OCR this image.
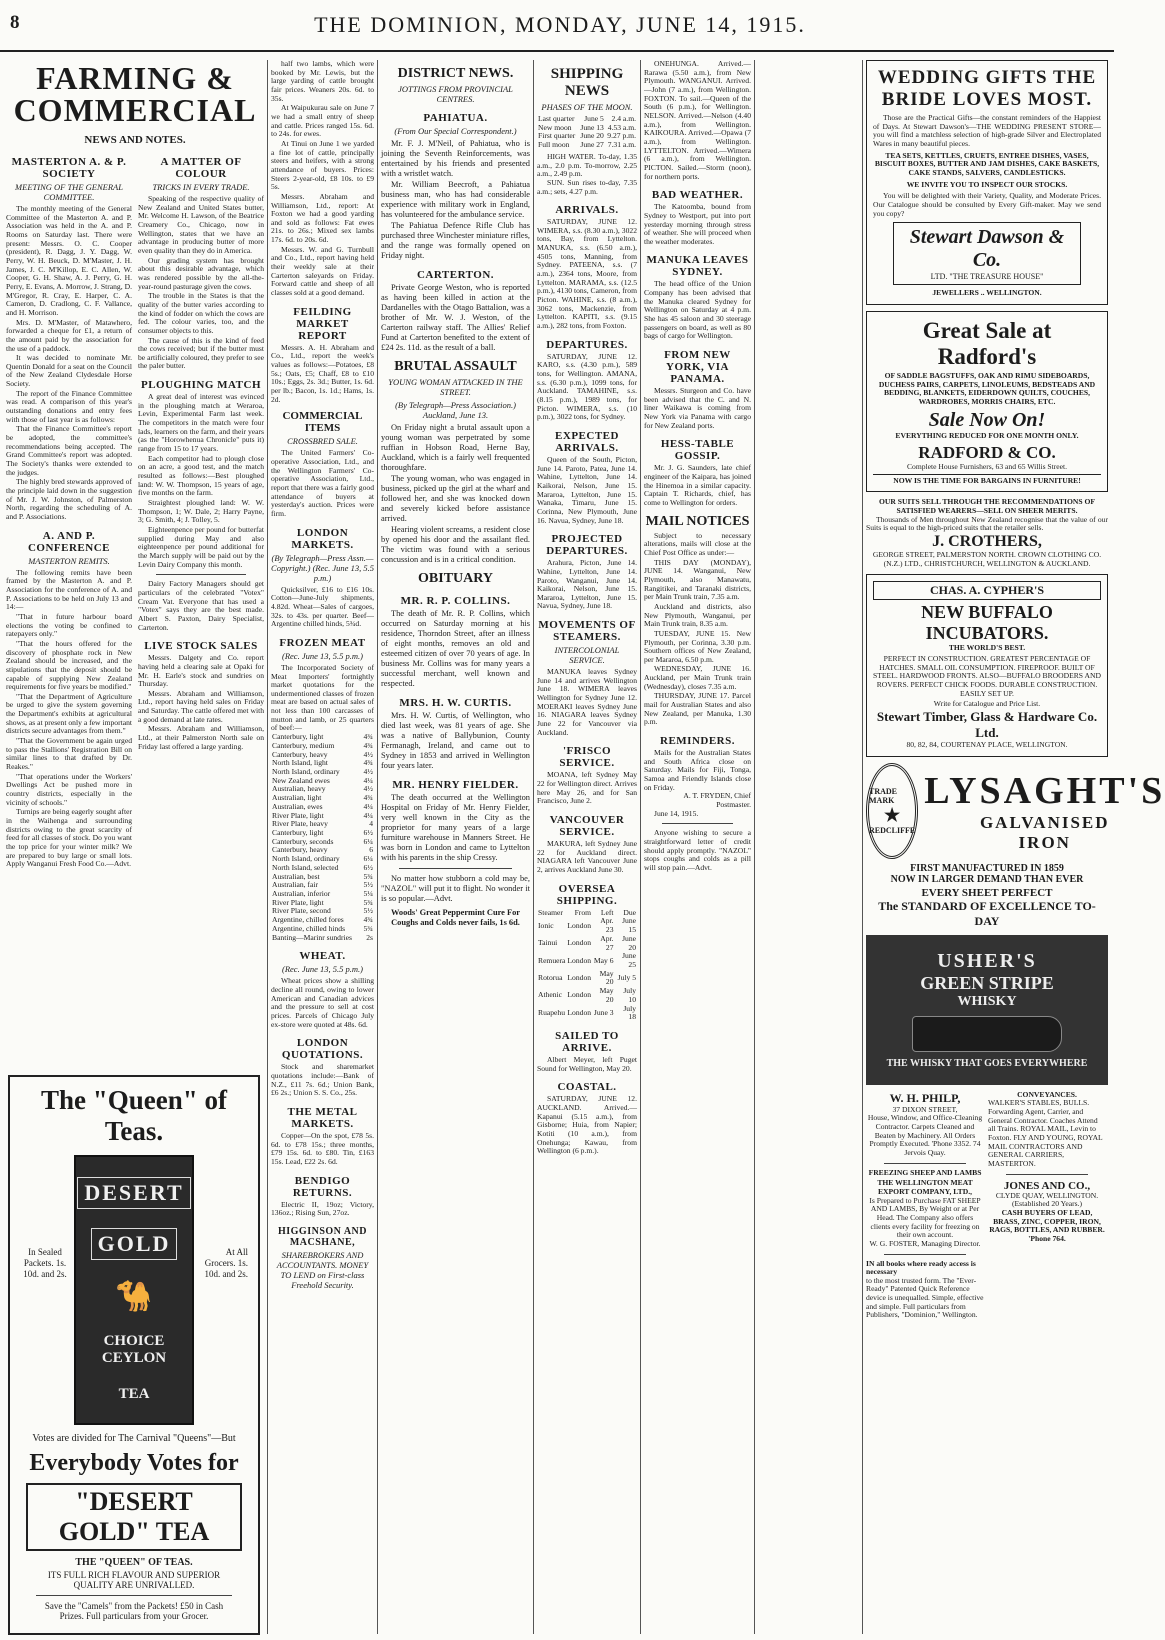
8	THE DOMINION, MONDAY, JUNE 14, 1915.
FARMING & COMMERCIAL
NEWS AND NOTES.
MASTERTON A. & P. SOCIETY
MEETING OF THE GENERAL COMMITTEE.

The monthly meeting of the General Committee of the Masterton A. and P. Association was held in the A. and P. Rooms on Saturday last. There were present: Messrs. O. C. Cooper (president), R. Dagg, J. Y. Dagg, W. Perry, W. H. Beuck, D. M'Master, J. H. James, J. C. M'Killop, E. C. Allen, W. Cooper, G. H. Shaw, A. J. Perry, G. H. Perry, E. Evans, A. Morrow, J. Strang, D. M'Gregor, R. Cray, E. Harper, C. A. Cameron, D. Cradlong, C. F. Vallance, and H. Morrison.

Mrs. D. M'Master, of Matawhero, forwarded a cheque for £1, a return of the amount paid by the association for the use of a paddock.

It was decided to nominate Mr. Quentin Donald for a seat on the Council of the New Zealand Clydesdale Horse Society.

The report of the Finance Committee was read. A comparison of this year's outstanding donations and entry fees with those of last year is as follows:

That the Finance Committee's report be adopted, the committee's recommendations being accepted. The Grand Committee's report was adopted. The Society's thanks were extended to the judges.

The highly bred stewards approved of the principle laid down in the suggestion of Mr. J. W. Johnston, of Palmerston North, regarding the scheduling of A. and P. Associations.

A. AND P. CONFERENCE
MASTERTON REMITS.

The following remits have been framed by the Masterton A. and P. Association for the conference of A. and P. Associations to be held on July 13 and 14:—

"That in future harbour board elections the voting be confined to ratepayers only."

"That the hours offered for the discovery of phosphate rock in New Zealand should be increased, and the stipulations that the deposit should be capable of supplying New Zealand requirements for five years be modified."

"That the Department of Agriculture be urged to give the system governing the Department's exhibits at agricultural shows, as at present only a few important districts secure advantages from them."

"That the Government be again urged to pass the Stallions' Registration Bill on similar lines to that drafted by Dr. Reakes."

"That operations under the Workers' Dwellings Act be pushed more in country districts, especially in the vicinity of schools."

Turnips are being eagerly sought after in the Waihenga and surrounding districts owing to the great scarcity of feed for all classes of stock. Do you want the top price for your winter milk? We are prepared to buy large or small lots. Apply Wanganui Fresh Food Co.—Advt.

A MATTER OF COLOUR
TRICKS IN EVERY TRADE.

Speaking of the respective quality of New Zealand and United States butter, Mr. Welcome H. Lawson, of the Beatrice Creamery Co., Chicago, now in Wellington, states that we have an advantage in producing butter of more even quality than they do in America.

Our grading system has brought about this desirable advantage, which was rendered possible by the all-the-year-round pasturage given the cows.

The trouble in the States is that the quality of the butter varies according to the kind of fodder on which the cows are fed. The colour varies, too, and the consumer objects to this.

The cause of this is the kind of feed the cows received; but if the butter must be artificially coloured, they prefer to see the paler butter.

PLOUGHING MATCH

A great deal of interest was evinced in the ploughing match at Weraroa, Levin, Experimental Farm last week. The competitors in the match were four lads, learners on the farm, and their years (as the "Horowhenua Chronicle" puts it) range from 15 to 17 years.

Each competitor had to plough close on an acre, a good test, and the match resulted as follows:—Best ploughed land: W. W. Thompson, 15 years of age, five months on the farm.

Straightest ploughed land: W. W. Thompson, 1; W. Dale, 2; Harry Payne, 3; G. Smith, 4; J. Tolley, 5.

Eighteenpence per pound for butterfat supplied during May and also eighteenpence per pound additional for the March supply will be paid out by the Levin Dairy Company this month.

Dairy Factory Managers should get particulars of the celebrated "Votex" Cream Vat. Everyone that has used a "Votex" says they are the best made. Albert S. Paxton, Dairy Specialist, Carterton.
LIVE STOCK SALES

Messrs. Dalgety and Co. report having held a clearing sale at Opaki for Mr. H. Earle's stock and sundries on Thursday.

Messrs. Abraham and Williamson, Ltd., report having held sales on Friday and Saturday. The cattle offered met with a good demand at late rates.

Messrs. Abraham and Williamson, Ltd., at their Palmerston North sale on Friday last offered a large yarding.

The "Queen" of Teas.
In Sealed Packets. 1s. 10d. and 2s.
At All Grocers. 1s. 10d. and 2s.
DESERT
GOLD
🐪
CHOICE CEYLON
TEA
Votes are divided for The Carnival "Queens"—But
Everybody Votes for
"DESERT GOLD" TEA
THE "QUEEN" OF TEAS.
ITS FULL RICH FLAVOUR AND SUPERIOR QUALITY ARE UNRIVALLED.
Save the "Camels" from the Packets! £50 in Cash Prizes. Full particulars from your Grocer.

half two lambs, which were booked by Mr. Lewis, but the large yarding of cattle brought fair prices. Weaners 20s. 6d. to 35s.

At Waipukurau sale on June 7 we had a small entry of sheep and cattle. Prices ranged 15s. 6d. to 24s. for ewes.

At Tinui on June 1 we yarded a fine lot of cattle, principally steers and heifers, with a strong attendance of buyers. Prices: Steers 2-year-old, £8 10s. to £9 5s.

Messrs. Abraham and Williamson, Ltd., report: At Foxton we had a good yarding and sold as follows: Fat ewes 21s. to 26s.; Mixed sex lambs 17s. 6d. to 20s. 6d.

Messrs. W. and G. Turnbull and Co., Ltd., report having held their weekly sale at their Carterton saleyards on Friday. Forward cattle and sheep of all classes sold at a good demand.

FEILDING MARKET REPORT
Messrs. A. H. Abraham and Co., Ltd., report the week's values as follows:—Potatoes, £8 5s.; Oats, £5; Chaff, £8 to £10 10s.; Eggs, 2s. 3d.; Butter, 1s. 6d. per lb.; Bacon, 1s. 1d.; Hams, 1s. 2d.
COMMERCIAL ITEMS
CROSSBRED SALE.
The United Farmers' Co-operative Association, Ltd., and the Wellington Farmers' Co-operative Association, Ltd., report that there was a fairly good attendance of buyers at yesterday's auction. Prices were firm.
LONDON MARKETS.
(By Telegraph—Press Assn.—Copyright.) (Rec. June 13, 5.5 p.m.)
Quicksilver, £16 to £16 10s. Cotton—June-July shipments, 4.82d. Wheat—Sales of cargoes, 32s. to 43s. per quarter. Beef—Argentine chilled hinds, 5¾d.
FROZEN MEAT
(Rec. June 13, 5.5 p.m.)
The Incorporated Society of Meat Importers' fortnightly market quotations for the undermentioned classes of frozen meat are based on actual sales of not less than 100 carcasses of mutton and lamb, or 25 quarters of beef:—
Canterbury, light	4¾
Canterbury, medium	4¾
Canterbury, heavy	4½
North Island, light	4¾
North Island, ordinary	4½
New Zealand ewes	4¼
Australian, heavy	4½
Australian, light	4¾
Australian, ewes	4¼
River Plate, light	4¼
River Plate, heavy	4
Canterbury, light	6½
Canterbury, seconds	6¼
Canterbury, heavy	6
North Island, ordinary	6¼
North Island, selected	6½
Australian, best	5¾
Australian, fair	5½
Australian, inferior	5¼
River Plate, light	5¾
River Plate, second	5½
Argentine, chilled fores	4¾
Argentine, chilled hinds	5¾
Banting—Marinr sundries	2s
WHEAT.
(Rec. June 13, 5.5 p.m.)
Wheat prices show a shilling decline all round, owing to lower American and Canadian advices and the pressure to sell at cost prices. Parcels of Chicago July ex-store were quoted at 48s. 6d.
LONDON QUOTATIONS.
Stock and sharemarket quotations include:—Bank of N.Z., £11 7s. 6d.; Union Bank, £6 2s.; Union S. S. Co., 25s.
THE METAL MARKETS.
Copper—On the spot, £78 5s. 6d. to £78 15s.; three months, £79 15s. 6d. to £80. Tin, £163 15s. Lead, £22 2s. 6d.
BENDIGO RETURNS.
Electric II, 19oz; Victory, 136oz.; Rising Sun, 27oz.
HIGGINSON AND MACSHANE,
SHAREBROKERS AND ACCOUNTANTS. MONEY TO LEND on First-class Freehold Security.
DISTRICT NEWS.
JOTTINGS FROM PROVINCIAL CENTRES.
PAHIATUA.
(From Our Special Correspondent.)

Mr. F. J. M'Neil, of Pahiatua, who is joining the Seventh Reinforcements, was entertained by his friends and presented with a wristlet watch.

Mr. William Beecroft, a Pahiatua business man, who has had considerable experience with military work in England, has volunteered for the ambulance service.

The Pahiatua Defence Rifle Club has purchased three Winchester miniature rifles, and the range was formally opened on Friday night.

CARTERTON.
Private George Weston, who is reported as having been killed in action at the Dardanelles with the Otago Battalion, was a brother of Mr. W. J. Weston, of the Carterton railway staff. The Allies' Relief Fund at Carterton benefited to the extent of £24 2s. 11d. as the result of a ball.
BRUTAL ASSAULT
YOUNG WOMAN ATTACKED IN THE STREET.
(By Telegraph—Press Association.) Auckland, June 13.

On Friday night a brutal assault upon a young woman was perpetrated by some ruffian in Hobson Road, Herne Bay, Auckland, which is a fairly well frequented thoroughfare.

The young woman, who was engaged in business, picked up the girl at the wharf and followed her, and she was knocked down and severely kicked before assistance arrived.

Hearing violent screams, a resident close by opened his door and the assailant fled. The victim was found with a serious concussion and is in a critical condition.

OBITUARY
MR. R. P. COLLINS.
The death of Mr. R. P. Collins, which occurred on Saturday morning at his residence, Thorndon Street, after an illness of eight months, removes an old and esteemed citizen of over 70 years of age. In business Mr. Collins was for many years a successful merchant, well known and respected.
MRS. H. W. CURTIS.
Mrs. H. W. Curtis, of Wellington, who died last week, was 81 years of age. She was a native of Ballybunion, County Fermanagh, Ireland, and came out to Sydney in 1853 and arrived in Wellington four years later.
MR. HENRY FIELDER.
The death occurred at the Wellington Hospital on Friday of Mr. Henry Fielder, very well known in the City as the proprietor for many years of a large furniture warehouse in Manners Street. He was born in London and came to Lyttelton with his parents in the ship Cressy.
No matter how stubborn a cold may be, "NAZOL" will put it to flight. No wonder it is so popular.—Advt.
Woods' Great Peppermint Cure For Coughs and Colds never fails, 1s 6d.
SHIPPING NEWS
PHASES OF THE MOON.
Last quarter	June 5	2.4 a.m.
New moon	June 13	4.53 a.m.
First quarter	June 20	9.27 p.m.
Full moon	June 27	7.31 a.m.
HIGH WATER. To-day, 1.35 a.m., 2.0 p.m. To-morrow, 2.25 a.m., 2.49 p.m.
SUN. Sun rises to-day, 7.35 a.m.; sets, 4.27 p.m.
ARRIVALS.
SATURDAY, JUNE 12. WIMERA, s.s. (8.30 a.m.), 3022 tons, Bay, from Lyttelton. MANUKA, s.s. (6.50 a.m.), 4505 tons, Manning, from Sydney. PATEENA, s.s. (7 a.m.), 2364 tons, Moore, from Lyttelton. MARAMA, s.s. (12.5 p.m.), 4130 tons, Cameron, from Picton. WAHINE, s.s. (8 a.m.), 3062 tons, Mackenzie, from Lyttelton. KAPITI, s.s. (9.15 a.m.), 282 tons, from Foxton.
DEPARTURES.
SATURDAY, JUNE 12. KARO, s.s. (4.30 p.m.), 589 tons, for Wellington. AMANA, s.s. (6.30 p.m.), 1099 tons, for Auckland. TAMAHINE, s.s. (8.15 p.m.), 1989 tons, for Picton. WIMERA, s.s. (10 p.m.), 3022 tons, for Sydney.
EXPECTED ARRIVALS.
Queen of the South, Picton, June 14. Paroto, Patea, June 14. Wahine, Lyttelton, June 14. Kaikorai, Nelson, June 15. Mararoa, Lyttelton, June 15. Wanaka, Timaru, June 15. Corinna, New Plymouth, June 16. Navua, Sydney, June 18.
PROJECTED DEPARTURES.
Arahura, Picton, June 14. Wahine, Lyttelton, June 14. Paroto, Wanganui, June 14. Kaikorai, Nelson, June 15. Mararoa, Lyttelton, June 15. Navua, Sydney, June 18.
MOVEMENTS OF STEAMERS.
INTERCOLONIAL SERVICE.
MANUKA leaves Sydney June 14 and arrives Wellington June 18. WIMERA leaves Wellington for Sydney June 12. MOERAKI leaves Sydney June 16. NIAGARA leaves Sydney June 22 for Vancouver via Auckland.
'FRISCO SERVICE.
MOANA, left Sydney May 22 for Wellington direct. Arrives here May 26, and for San Francisco, June 2.
VANCOUVER SERVICE.
MAKURA, left Sydney June 22 for Auckland direct. NIAGARA left Vancouver June 2, arrives Auckland June 30.
OVERSEA SHIPPING.
Steamer	From	Left	Due
Ionic	London	Apr. 23	June 15
Tainui	London	Apr. 27	June 20
Remuera	London	May 6	June 25
Rotorua	London	May 20	July 5
Athenic	London	May 20	July 10
Ruapehu	London	June 3	July 18
SAILED TO ARRIVE.
Albert Meyer, left Puget Sound for Wellington, May 20.
COASTAL.
SATURDAY, JUNE 12. AUCKLAND. Arrived.—Kapanui (5.15 a.m.), from Gisborne; Huia, from Napier; Kotiti (10 a.m.), from Onehunga; Kawau, from Wellington (6 p.m.).
ONEHUNGA. Arrived.—Rarawa (5.50 a.m.), from New Plymouth. WANGANUI. Arrived.—John (7 a.m.), from Wellington. FOXTON. To sail.—Queen of the South (6 p.m.), for Wellington. NELSON. Arrived.—Nelson (4.40 a.m.), from Wellington. KAIKOURA. Arrived.—Opawa (7 a.m.), from Wellington. LYTTELTON. Arrived.—Wimera (6 a.m.), from Wellington. PICTON. Sailed.—Storm (noon), for northern ports.
BAD WEATHER.
The Katoomba, bound from Sydney to Westport, put into port yesterday morning through stress of weather. She will proceed when the weather moderates.
MANUKA LEAVES SYDNEY.
The head office of the Union Company has been advised that the Manuka cleared Sydney for Wellington on Saturday at 4 p.m. She has 45 saloon and 30 steerage passengers on board, as well as 80 bags of cargo for Wellington.
FROM NEW YORK, VIA PANAMA.
Messrs. Sturgeon and Co. have been advised that the C. and N. liner Waikawa is coming from New York via Panama with cargo for New Zealand ports.
HESS-TABLE GOSSIP.
Mr. J. G. Saunders, late chief engineer of the Kaipara, has joined the Hinemoa in a similar capacity. Captain T. Richards, chief, has come to Wellington for orders.
MAIL NOTICES

Subject to necessary alterations, mails will close at the Chief Post Office as under:—

THIS DAY (MONDAY), JUNE 14. Wanganui, New Plymouth, also Manawatu, Rangitikei, and Taranaki districts, per Main Trunk train, 7.35 a.m.

Auckland and districts, also New Plymouth, Wanganui, per Main Trunk train, 8.35 a.m.

TUESDAY, JUNE 15. New Plymouth, per Corinna, 3.30 p.m. Southern offices of New Zealand, per Mararoa, 6.50 p.m.

WEDNESDAY, JUNE 16. Auckland, per Main Trunk train (Wednesday), closes 7.35 a.m.

THURSDAY, JUNE 17. Parcel mail for Australian States and also New Zealand, per Manuka, 1.30 p.m.

REMINDERS.
Mails for the Australian States and South Africa close on Saturday. Mails for Fiji, Tonga, Samoa and Friendly Islands close on Friday.
A. T. FRYDEN, Chief Postmaster.
June 14, 1915.
Anyone wishing to secure a straightforward letter of credit should apply promptly. "NAZOL" stops coughs and colds as a pill will stop pain.—Advt.
WEDDING GIFTS THE BRIDE LOVES MOST.
Those are the Practical Gifts—the constant reminders of the Happiest of Days. At Stewart Dawson's—THE WEDDING PRESENT STORE—you will find a matchless selection of high-grade Silver and Electroplated Wares in many beautiful pieces.
TEA SETS, KETTLES, CRUETS, ENTREE DISHES, VASES, BISCUIT BOXES, BUTTER AND JAM DISHES, CAKE BASKETS, CAKE STANDS, SALVERS, CANDLESTICKS.
WE INVITE YOU TO INSPECT OUR STOCKS.
You will be delighted with their Variety, Quality, and Moderate Prices. Our Catalogue should be consulted by Every Gift-maker. May we send you copy?
Stewart Dawson & Co.
LTD. "THE TREASURE HOUSE"
JEWELLERS .. WELLINGTON.
Great Sale at Radford's
OF SADDLE BAGSTUFFS, OAK AND RIMU SIDEBOARDS, DUCHESS PAIRS, CARPETS, LINOLEUMS, BEDSTEADS AND BEDDING, BLANKETS, EIDERDOWN QUILTS, COUCHES, WARDROBES, MORRIS CHAIRS, ETC.
Sale Now On!
EVERYTHING REDUCED FOR ONE MONTH ONLY.
RADFORD & CO.
Complete House Furnishers, 63 and 65 Willis Street.
NOW IS THE TIME FOR BARGAINS IN FURNITURE!
OUR SUITS SELL THROUGH THE RECOMMENDATIONS OF SATISFIED WEARERS—SELL ON SHEER MERITS.
Thousands of Men throughout New Zealand recognise that the value of our Suits is equal to the high-priced suits that the retailer sells.
J. CROTHERS,
GEORGE STREET, PALMERSTON NORTH. CROWN CLOTHING CO. (N.Z.) LTD., CHRISTCHURCH, WELLINGTON & AUCKLAND.
CHAS. A. CYPHER'S
NEW BUFFALO INCUBATORS.
THE WORLD'S BEST.
PERFECT IN CONSTRUCTION. GREATEST PERCENTAGE OF HATCHES. SMALL OIL CONSUMPTION. FIREPROOF. BUILT OF STEEL. HARDWOOD FRONTS. ALSO—BUFFALO BROODERS AND ROVERS. PERFECT CHICK FOODS. DURABLE CONSTRUCTION. EASILY SET UP.
Write for Catalogue and Price List.
Stewart Timber, Glass & Hardware Co. Ltd.
80, 82, 84, COURTENAY PLACE, WELLINGTON.
TRADE MARK
★
REDCLIFFE
LYSAGHT'S
GALVANISED
IRON
FIRST MANUFACTURED IN 1859
NOW IN LARGER DEMAND THAN EVER
EVERY SHEET PERFECT
The STANDARD OF EXCELLENCE TO-DAY
USHER'S
GREEN STRIPE
WHISKY
THE WHISKY THAT GOES EVERYWHERE
W. H. PHILP,
37 DIXON STREET,
House, Window, and Office-Cleaning Contractor. Carpets Cleaned and Beaten by Machinery. All Orders Promptly Executed. 'Phone 3352. 74 Jervois Quay.
FREEZING SHEEP AND LAMBS
THE WELLINGTON MEAT EXPORT COMPANY, LTD.,
Is Prepared to Purchase FAT SHEEP AND LAMBS, By Weight or at Per Head. The Company also offers clients every facility for freezing on their own account.
W. G. FOSTER, Managing Director.
IN all books where ready access is necessary
to the most trusted form. The "Ever-Ready" Patented Quick Reference device is unequalled. Simple, effective and simple. Full particulars from Publishers, "Dominion," Wellington.
CONVEYANCES.
WALKER'S STABLES, BULLS. Forwarding Agent, Carrier, and General Contractor. Coaches Attend all Trains. ROYAL MAIL, Levin to Foxton. FLY AND YOUNG, ROYAL MAIL CONTRACTORS AND GENERAL CARRIERS, MASTERTON.
JONES AND CO.,
CLYDE QUAY, WELLINGTON. (Established 20 Years.)
CASH BUYERS OF LEAD, BRASS, ZINC, COPPER, IRON, RAGS, BOTTLES, AND RUBBER. 'Phone 764.
